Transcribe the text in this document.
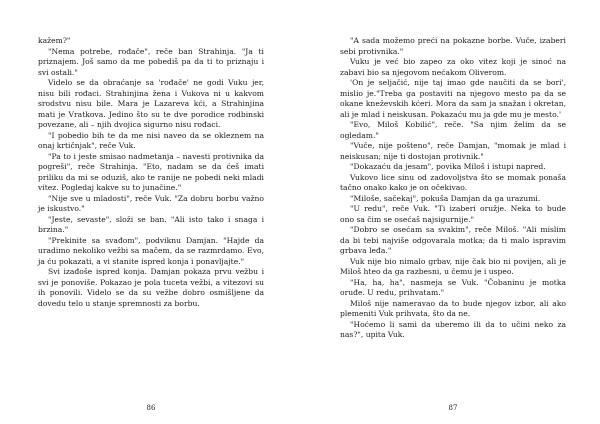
kažem?"

"Nema potrebe, rođače", reče ban Strahinja. "Ja ti priznajem. Još samo da me pobediš pa da ti to priznaju i svi ostali."

Videlo se da obraćanje sa 'rođače' ne godi Vuku jer, nisu bili rođaci. Strahinjina žena i Vukova ni u kakvom srodstvu nisu bile. Mara je Lazareva kći, a Strahinjina mati je Vratkova. Jedino što su te dve porodice rodbinski povezane, ali – njih dvojica sigurno nisu rođaci.

"I pobedio bih te da me nisi naveo da se okleznem na onaj krtičnjak", reče Vuk.

"Pa to i jeste smisao nadmetanja – navesti protivnika da pogreši", reče Strahinja. "Eto, nadam se da ćeš imati priliku da mi se oduziš, ako te ranije ne pobedi neki mladi vitez. Pogledaj kakve su to junačine."

"Nije sve u mladosti", reče Vuk. "Za dobru borbu važno je iskustvo."

"Jeste, sevaste", složi se ban. "Ali isto tako i snaga i brzina."

"Prekinite sa svađom", podviknu Damjan. "Hajde da uradimo nekoliko vežbi sa mačem, da se razmrdamo. Evo, ja ću pokazati, a vi stanite ispred konja i ponavljajte."

Svi izađoše ispred konja. Damjan pokaza prvu vežbu i svi je ponoviše. Pokazao je pola tuceta vežbi, a vitezovi su ih ponovili. Videlo se da su vežbe dobro osmišljene da dovedu telo u stanje spremnosti za borbu.

86

"A sada možemo preći na pokazne borbe. Vuče, izaberi sebi protivnika."

Vuku je već bio zapeo za oko vitez koji je sinoć na zabavi bio sa njegovom nećakom Oliverom.

'On je seljačić, nije taj imao gde naučiti da se bori', mislio je."Treba ga postaviti na njegovo mesto pa da se okane kneževskih kćeri. Mora da sam ja snažan i okretan, ali je mlad i neiskusan. Pokazaću mu ja gde mu je mesto.'

"Evo, Miloš Kobilić", reče. "Sa njim želim da se ogledam."

"Vuče, nije pošteno", reče Damjan, "momak je mlad i neiskusan; nije ti dostojan protivnik."

"Dokazaću da jesam", povika Miloš i istupi napred.

Vukovo lice sinu od zadovoljstva što se momak ponaša tačno onako kako je on očekivao.

"Miloše, sačekaj", pokuša Damjan da ga urazumi.

"U redu", reče Vuk. "Ti izaberi oružje. Neka to bude ono sa čim se osećaš najsigurnije."

"Dobro se osećam sa svakim", reče Miloš. "Ali mislim da bi tebi najviše odgovarala motka; da ti malo ispravim grbava leđa."

Vuk nije bio nimalo grbav, nije čak bio ni povijen, ali je Miloš hteo da ga razbesni, u čemu je i uspeo.

"Ha, ha, ha", nasmeja se Vuk. "Čobaninu je motka oruđe. U redu, prihvatam."

Miloš nije nameravao da to bude njegov izbor, ali ako plemeniti Vuk prihvata, što da ne.

"Hoćemo li sami da uberemo ili da to učini neko za nas?", upita Vuk.

87
